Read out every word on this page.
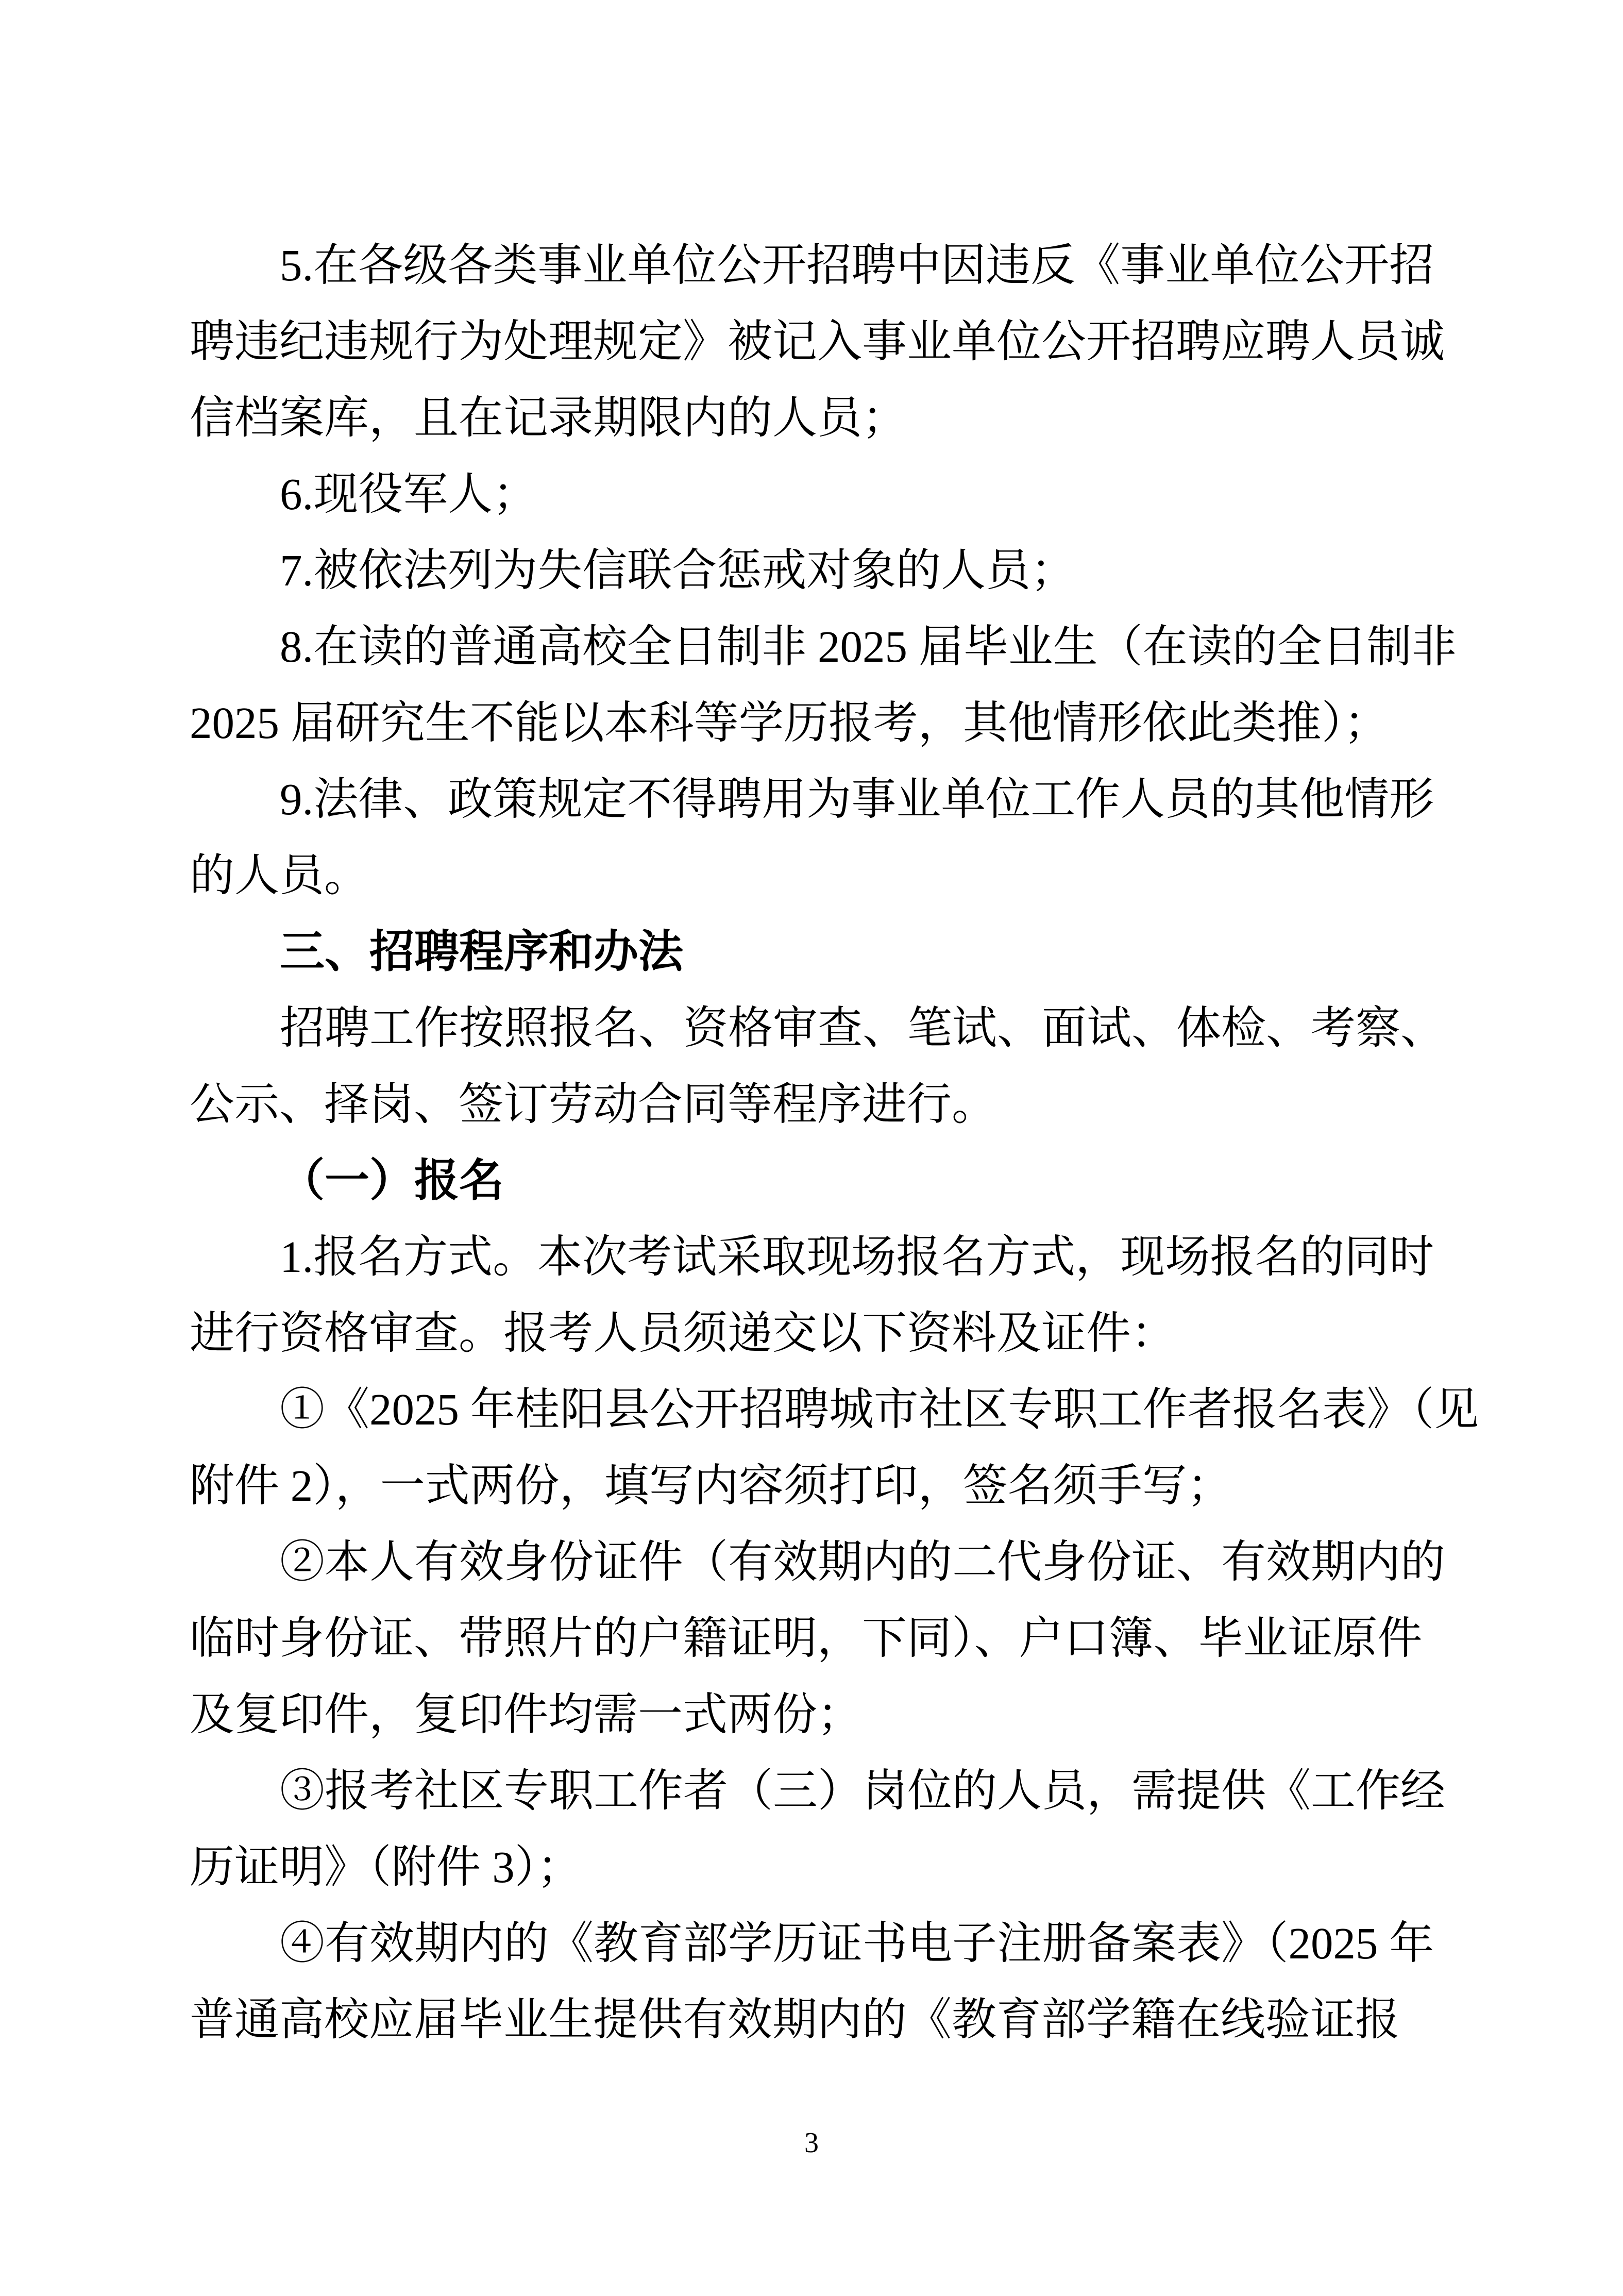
5.在各级各类事业单位公开招聘中因违反《事业单位公开招
聘违纪违规行为处理规定》被记入事业单位公开招聘应聘人员诚
信档案库，且在记录期限内的人员；
6.现役军人；
7.被依法列为失信联合惩戒对象的人员；
8.在读的普通高校全日制非 2025 届毕业生（在读的全日制非
2025 届研究生不能以本科等学历报考，其他情形依此类推）；
9.法律、政策规定不得聘用为事业单位工作人员的其他情形
的人员。
三、招聘程序和办法
招聘工作按照报名、资格审查、笔试、面试、体检、考察、
公示、择岗、签订劳动合同等程序进行。
（一）报名
1.报名方式。本次考试采取现场报名方式，现场报名的同时
进行资格审查。报考人员须递交以下资料及证件：
①《2025 年桂阳县公开招聘城市社区专职工作者报名表》（见
附件 2），一式两份，填写内容须打印，签名须手写；
②本人有效身份证件（有效期内的二代身份证、有效期内的
临时身份证、带照片的户籍证明，下同）、户口簿、毕业证原件
及复印件，复印件均需一式两份；
③报考社区专职工作者（三）岗位的人员，需提供《工作经
历证明》（附件 3）；
④有效期内的《教育部学历证书电子注册备案表》（2025 年
普通高校应届毕业生提供有效期内的《教育部学籍在线验证报
3
